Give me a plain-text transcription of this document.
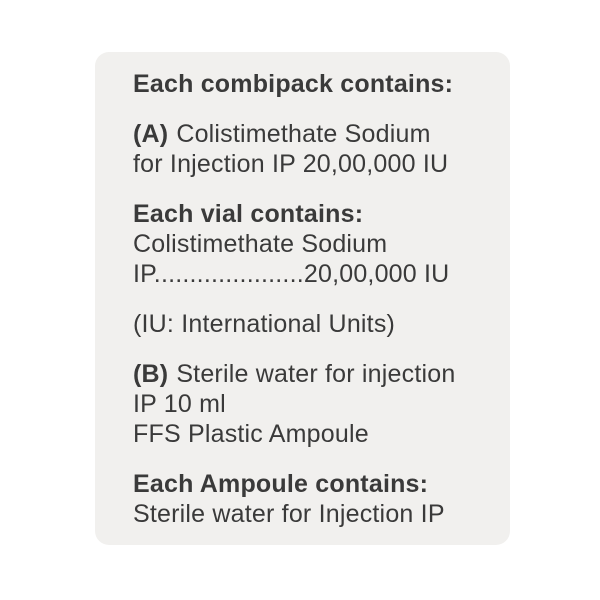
Each combipack contains:
(A) Colistimethate Sodium
for Injection IP 20,00,000 IU
Each vial contains:
Colistimethate Sodium
IP.....................20,00,000 IU
(IU: International Units)
(B) Sterile water for injection
IP 10 ml
FFS Plastic Ampoule
Each Ampoule contains:
Sterile water for Injection IP
